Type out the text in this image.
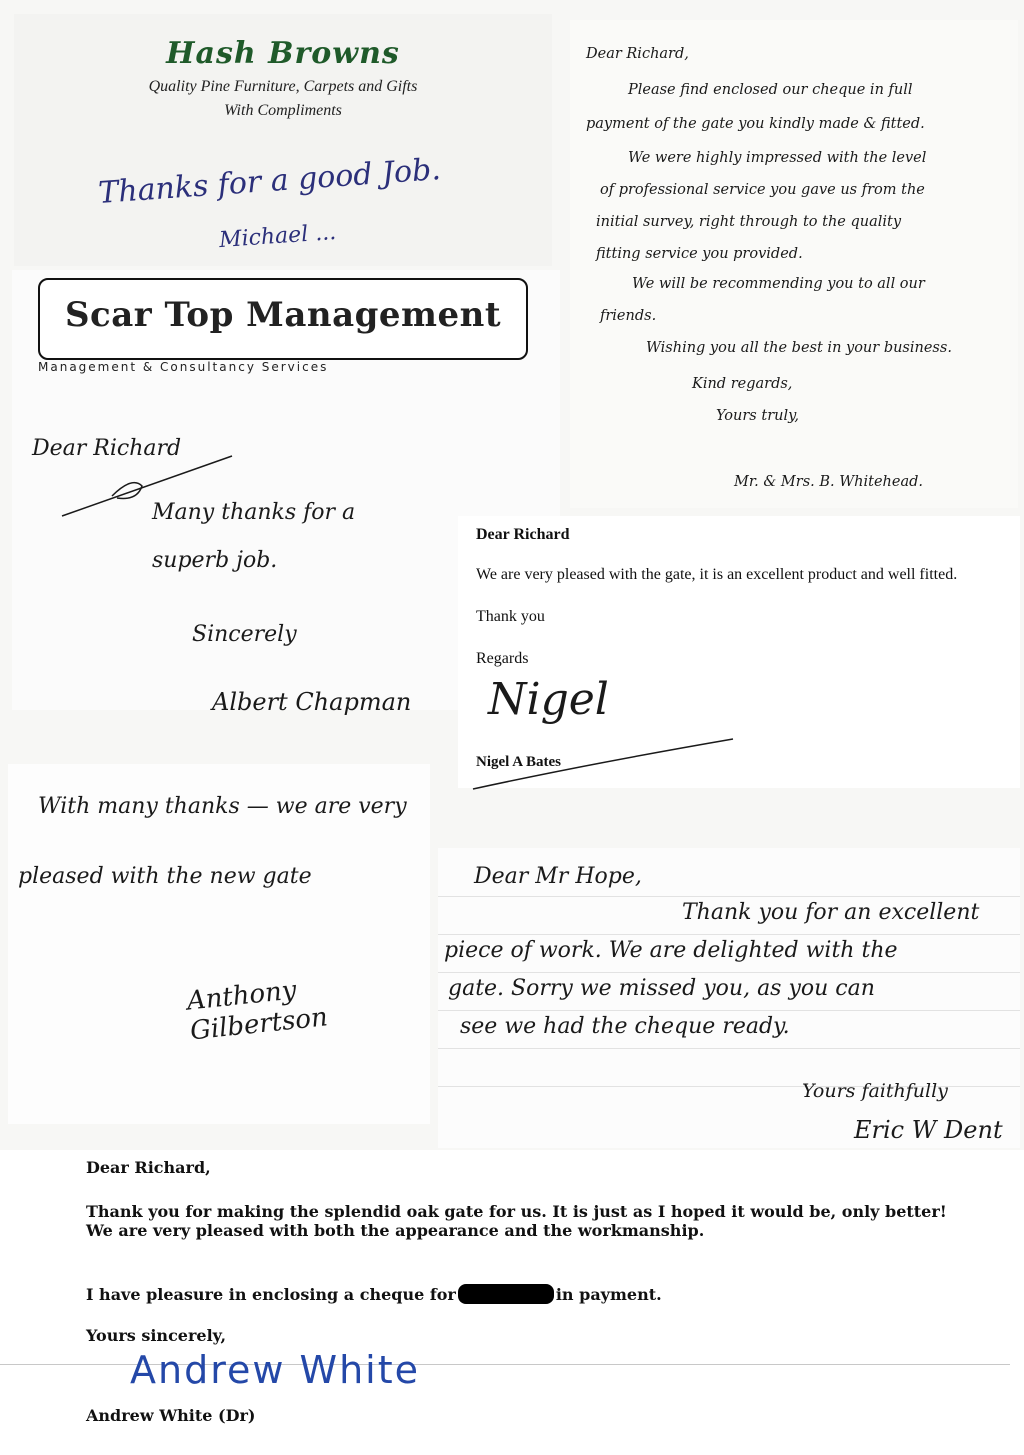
Hash Browns
Quality Pine Furniture, Carpets and Gifts
With Compliments
Thanks for a good Job.
Michael ...
Dear Richard,
Please find enclosed our cheque in full
payment of the gate you kindly made & fitted.
We were highly impressed with the level
of professional service you gave us from the
initial survey, right through to the quality
fitting service you provided.
We will be recommending you to all our
friends.
Wishing you all the best in your business.
Kind regards,
Yours truly,
Mr. & Mrs. B. Whitehead.
Scar Top Management
Management & Consultancy Services
Dear Richard
Many thanks for a
superb job.
Sincerely
Albert Chapman
Dear Richard
We are very pleased with the gate, it is an excellent product and well fitted.
Thank you
Regards
Nigel
Nigel A Bates
With many thanks — we are very
pleased with the new gate
Anthony Gilbertson
Dear Mr Hope,
Thank you for an excellent
piece of work. We are delighted with the
gate. Sorry we missed you, as you can
see we had the cheque ready.
Yours faithfully
Eric W Dent
Dear Richard,
Thank you for making the splendid oak gate for us. It is just as I hoped it would be, only better! We are very pleased with both the appearance and the workmanship.
I have pleasure in enclosing a cheque for	in payment.
Yours sincerely,
Andrew White
Andrew White (Dr)
